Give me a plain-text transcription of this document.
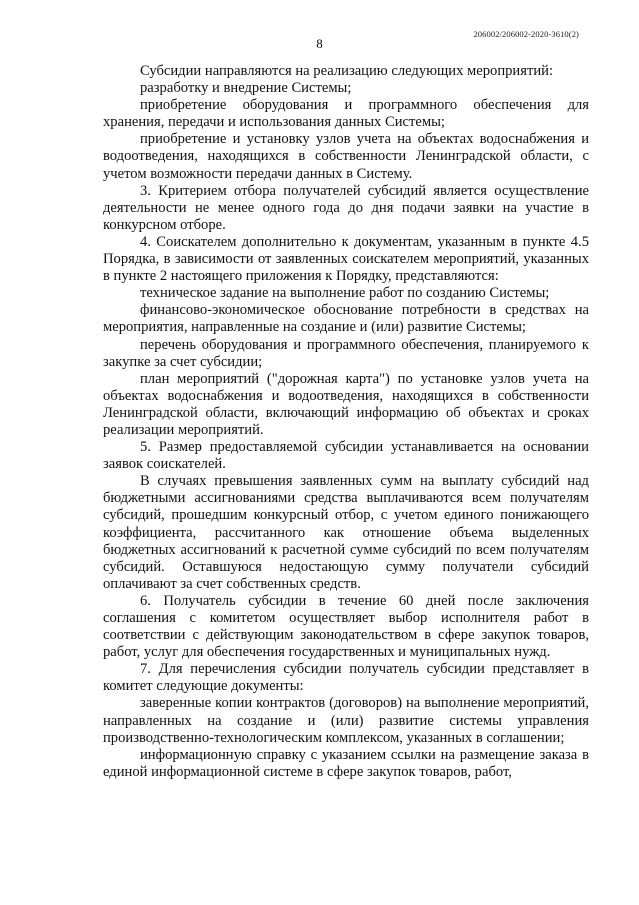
206002/206002-2020-3610(2)
8

Субсидии направляются на реализацию следующих мероприятий:

разработку и внедрение Системы;

приобретение оборудования и программного обеспечения для хранения, передачи и использования данных Системы;

приобретение и установку узлов учета на объектах водоснабжения и водоотведения, находящихся в собственности Ленинградской области, с учетом возможности передачи данных в Систему.

3. Критерием отбора получателей субсидий является осуществление деятельности не менее одного года до дня подачи заявки на участие в конкурсном отборе.

4. Соискателем дополнительно к документам, указанным в пункте 4.5 Порядка, в зависимости от заявленных соискателем мероприятий, указанных в пункте 2 настоящего приложения к Порядку, представляются:

техническое задание на выполнение работ по созданию Системы;

финансово-экономическое обоснование потребности в средствах на мероприятия, направленные на создание и (или) развитие Системы;

перечень оборудования и программного обеспечения, планируемого к закупке за счет субсидии;

план мероприятий ("дорожная карта") по установке узлов учета на объектах водоснабжения и водоотведения, находящихся в собственности Ленинградской области, включающий информацию об объектах и сроках реализации мероприятий.

5. Размер предоставляемой субсидии устанавливается на основании заявок соискателей.

В случаях превышения заявленных сумм на выплату субсидий над бюджетными ассигнованиями средства выплачиваются всем получателям субсидий, прошедшим конкурсный отбор, с учетом единого понижающего коэффициента, рассчитанного как отношение объема выделенных бюджетных ассигнований к расчетной сумме субсидий по всем получателям субсидий. Оставшуюся недостающую сумму получатели субсидий оплачивают за счет собственных средств.

6. Получатель субсидии в течение 60 дней после заключения соглашения с комитетом осуществляет выбор исполнителя работ в соответствии с действующим законодательством в сфере закупок товаров, работ, услуг для обеспечения государственных и муниципальных нужд.

7. Для перечисления субсидии получатель субсидии представляет в комитет следующие документы:

заверенные копии контрактов (договоров) на выполнение мероприятий, направленных на создание и (или) развитие системы управления производственно-технологическим комплексом, указанных в соглашении;

информационную справку с указанием ссылки на размещение заказа в единой информационной системе в сфере закупок товаров, работ,
